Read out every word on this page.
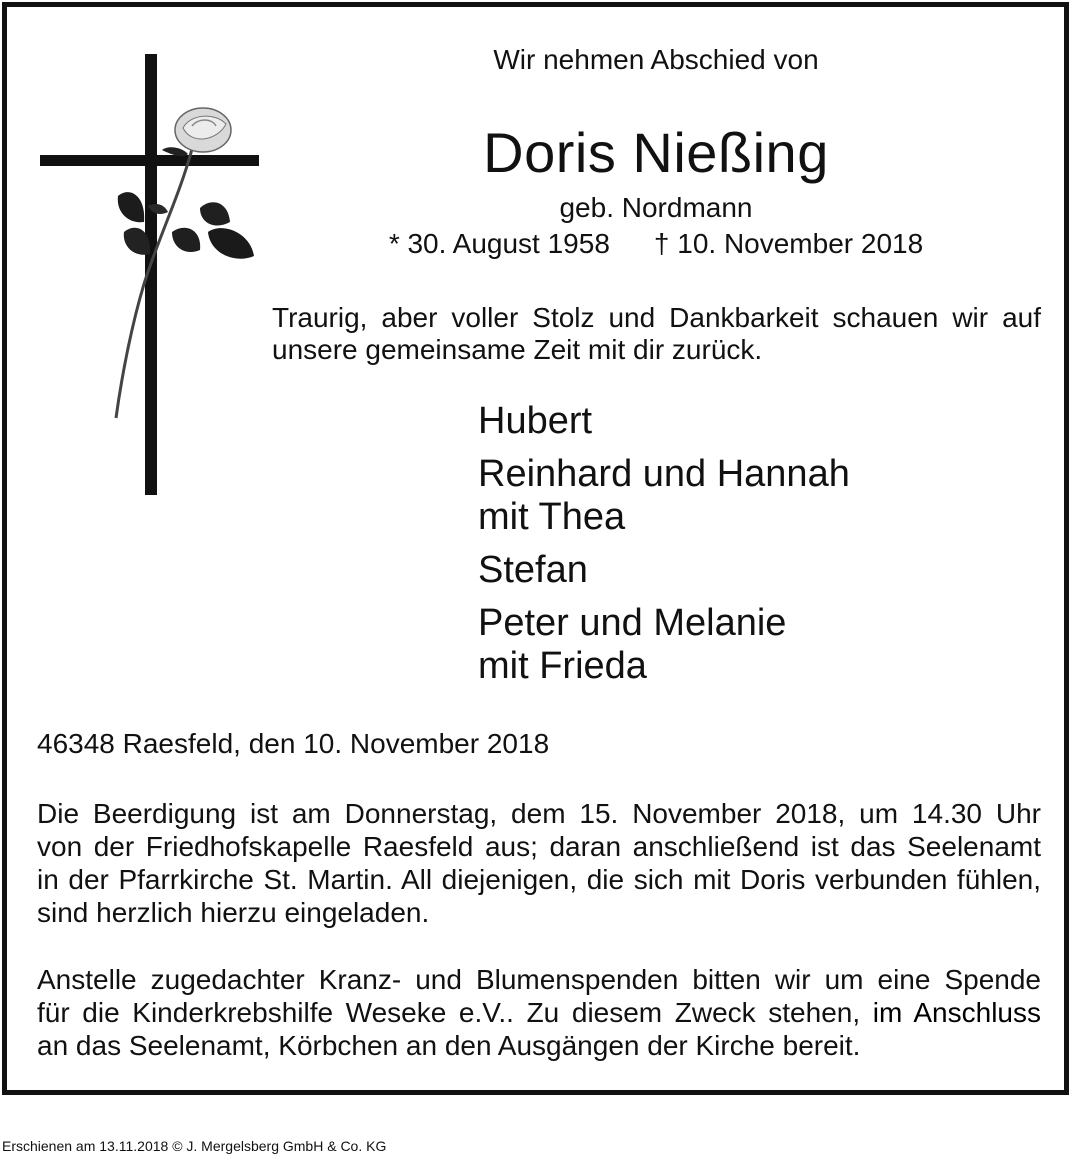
Wir nehmen Abschied von

Doris Nießing

geb. Nordmann

* 30. August 1958 † 10. November 2018

Traurig, aber voller Stolz und Dankbarkeit schauen wir auf
unsere gemeinsame Zeit mit dir zurück.
Hubert
Reinhard und Hannah
mit Thea
Stefan
Peter und Melanie
mit Frieda

46348 Raesfeld, den 10. November 2018

Die Beerdigung ist am Donnerstag, dem 15. November 2018, um 14.30 Uhr
von der Friedhofskapelle Raesfeld aus; daran anschließend ist das Seelenamt
in der Pfarrkirche St. Martin. All diejenigen, die sich mit Doris verbunden fühlen,
sind herzlich hierzu eingeladen.
Anstelle zugedachter Kranz- und Blumenspenden bitten wir um eine Spende
für die Kinderkrebshilfe Weseke e.V.. Zu diesem Zweck stehen, im Anschluss
an das Seelenamt, Körbchen an den Ausgängen der Kirche bereit.

Erschienen am 13.11.2018 © J. Mergelsberg GmbH & Co. KG
